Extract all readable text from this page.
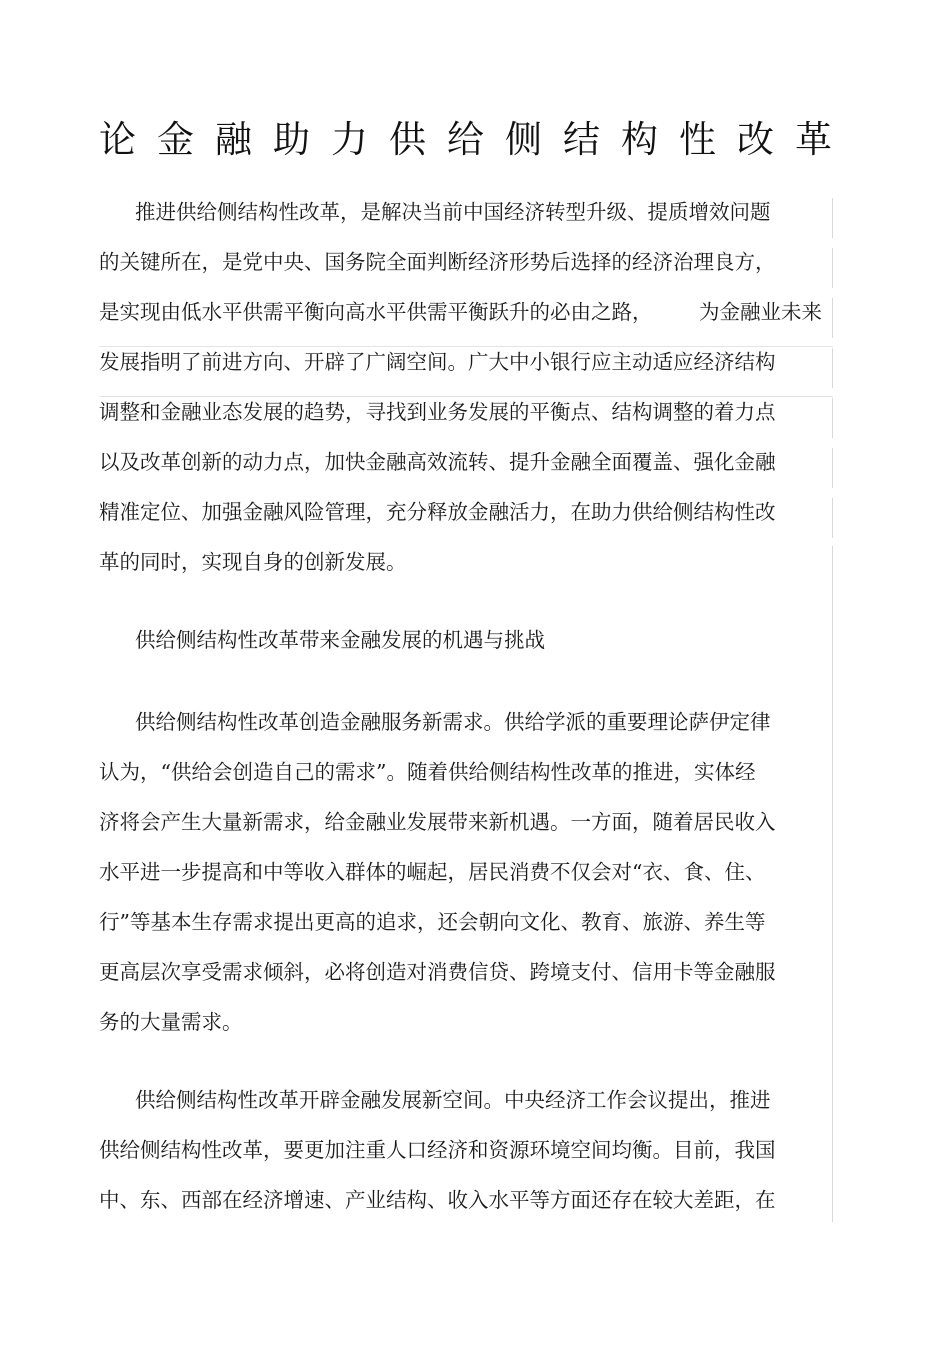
论金融助力供给侧结构性改革
推进供给侧结构性改革，是解决当前中国经济转型升级、提质增效问题
的关键所在，是党中央、国务院全面判断经济形势后选择的经济治理良方，
是实现由低水平供需平衡向高水平供需平衡跃升的必由之路， 为金融业未来
发展指明了前进方向、开辟了广阔空间。广大中小银行应主动适应经济结构
调整和金融业态发展的趋势，寻找到业务发展的平衡点、结构调整的着力点
以及改革创新的动力点，加快金融高效流转、提升金融全面覆盖、强化金融
精准定位、加强金融风险管理，充分释放金融活力，在助力供给侧结构性改
革的同时，实现自身的创新发展。
供给侧结构性改革带来金融发展的机遇与挑战
供给侧结构性改革创造金融服务新需求。供给学派的重要理论萨伊定律
认为，“供给会创造自己的需求”。随着供给侧结构性改革的推进，实体经
济将会产生大量新需求，给金融业发展带来新机遇。一方面，随着居民收入
水平进一步提高和中等收入群体的崛起，居民消费不仅会对“衣、食、住、
行”等基本生存需求提出更高的追求，还会朝向文化、教育、旅游、养生等
更高层次享受需求倾斜，必将创造对消费信贷、跨境支付、信用卡等金融服
务的大量需求。
供给侧结构性改革开辟金融发展新空间。中央经济工作会议提出，推进
供给侧结构性改革，要更加注重人口经济和资源环境空间均衡。目前，我国
中、东、西部在经济增速、产业结构、收入水平等方面还存在较大差距，在
